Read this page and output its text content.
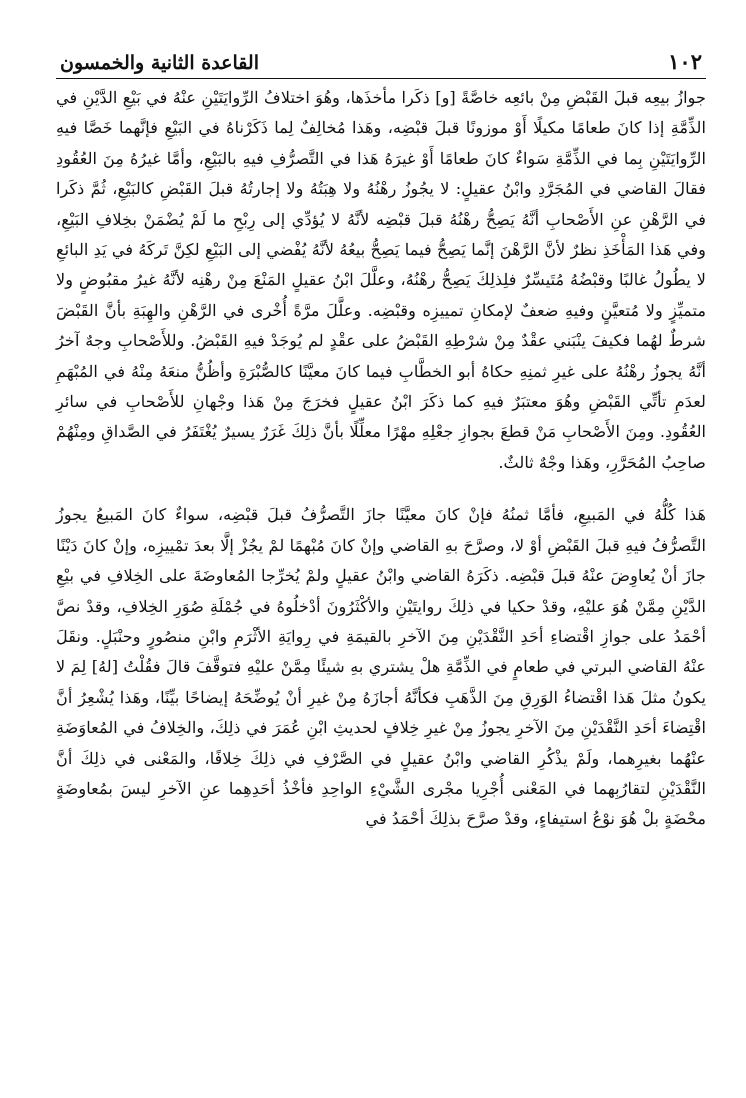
١٠٢
القاعدة الثانية والخمسون

جوازُ بيعِه قبلَ القَبْضِ مِنْ بائعِه خاصَّةً [و] ذكَرا مأخذَها، وهُوَ اختلافُ الرِّوايَتَيْنِ عنْهُ في بَيْعِ الدَّيْنِ في الذِّمَّةِ إذا كانَ طعامًا مكيلًا أَوْ موزونًا قبلَ قبْضِه، وهَذا مُخالِفٌ لِما ذَكَرْناهُ في البَيْعِ فإنَّهما خَصَّا فيهِ الرِّوايَتَيْنِ بِما في الذِّمَّةِ سَواءٌ كانَ طعامًا أَوْ غيرَهُ هَذا في التَّصرُّفِ فيهِ بالبَيْعِ، وأمَّا غيرُهُ مِنَ العُقُودِ فقالَ القاضي في المُجَرَّدِ وابْنُ عقيلٍ: لا يجُوزُ رهْنُهُ ولا هِبَتُهُ ولا إجارتُهُ قبلَ القَبْضِ كالبَيْعِ، ثُمَّ ذكَرا في الرَّهْنِ عنِ الأَصْحابِ أنَّهُ يَصِحُّ رهْنُهُ قبلَ قبْضِه لأنَّهُ لا يُؤدِّي إلى رِبْحِ ما لَمْ يُضْمَنْ بخِلافِ البَيْعِ، وفي هَذا المَأْخَذِ نظرٌ لأنَّ الرَّهْنَ إنَّما يَصِحُّ فيما يَصِحُّ بيعُهُ لأنَّهُ يُفْضي إلى البَيْعِ لكِنَّ تَركَهُ في يَدِ البائعِ لا يطُولُ غالبًا وقبْضُهُ مُتَيسِّرٌ فلِذلِكَ يَصِحُّ رهْنُهُ، وعلَّلَ ابْنُ عقيلٍ المَنْعَ مِنْ رهْنِه لأنَّهُ غيرُ مقبُوضٍ ولا متميِّزٍ ولا مُتعيَّنٍ وفيهِ ضعفٌ لإمكانِ تمييزِه وقبْضِه. وعلَّلَ مرَّةً أُخْرى في الرَّهْنِ والهِبَةِ بأنَّ القَبْضَ شرطٌ لهُما فكيفَ ينْبَني عقْدٌ مِنْ شرْطِهِ القَبْضُ على عقْدٍ لم يُوجَدْ فيهِ القَبْضُ. وللأَصْحابِ وجهٌ آخرُ أنَّهُ يجوزُ رهْنُهُ على غيرِ ثمنِهِ حكاهُ أبو الخطَّابِ فيما كانَ معيَّنًا كالصُّبْرَةِ وأظُنُّ منعَهُ مِنْهُ في المُبْهَمِ لعدَمِ تأتِّي القَبْضِ وهُوَ معتبَرٌ فيهِ كما ذكَرَ ابْنُ عقيلٍ فخرَجَ مِنْ هَذا وجْهانِ للأَصْحابِ في سائرِ العُقُودِ. ومِنَ الأَصْحابِ مَنْ قطعَ بجوازِ جعْلِهِ مهْرًا معلِّلًا بأنَّ ذلِكَ غَرَرٌ يسيرٌ يُغْتَفَرُ في الصَّداقِ ومِنْهُمْ صاحِبُ المُحَرَّرِ، وهَذا وجْهٌ ثالثٌ.

هَذا كُلُّهُ في المَبيعِ، فأمَّا ثمنُهُ فإنْ كانَ معيَّنًا جازَ التَّصرُّفُ قبلَ قبْضِه، سواءٌ كانَ المَبيعُ يجوزُ التَّصرُّفُ فيهِ قبلَ القَبْضِ أوْ لا، وصرَّحَ بهِ القاضي وإنْ كانَ مُبْهمًا لمْ يجُزْ إلَّا بعدَ تمْييزِه، وإنْ كانَ دَيْنًا جازَ أنْ يُعاوِضَ عنْهُ قبلَ قبْضِه. ذكَرَهُ القاضي وابْنُ عقيلٍ ولمْ يُخرِّجا المُعاوضَةَ على الخِلافِ في بيْعِ الدَّيْنِ مِمَّنْ هُوَ عليْهِ، وقدْ حكيا في ذلِكَ روايتَيْنِ والأكْثَرُونَ أدْخلُوهُ في جُمْلَةِ صُوَرِ الخِلافِ، وقدْ نصَّ أحْمَدُ على جوازِ اقْتضاءِ أحَدِ النَّقْدَيْنِ مِنَ الآخرِ بالقيمَةِ في رِوايَةِ الأثْرَمِ وابْنِ منصُورٍ وحنْبَلٍ. ونقَلَ عنْهُ القاضي البرتي في طعامٍ في الذِّمَّةِ هلْ يشتري بهِ شيئًا مِمَّنْ عليْهِ فتوقَّفَ قالَ فقُلْتُ [لهُ] لِمَ لا يكونُ مثلَ هَذا اقْتضاءُ الوَرِقِ مِنَ الذَّهَبِ فكأنَّهُ أجازَهُ مِنْ غيرِ أنْ يُوضِّحَهُ إيضاحًا بيِّنًا، وهَذا يُشْعِرُ أنَّ اقْتِضاءَ أحَدِ النَّقْدَيْنِ مِنَ الآخرِ يجوزُ مِنْ غيرِ خِلافٍ لحديثِ ابْنِ عُمَرَ في ذلِكَ، والخِلافُ في المُعاوَضَةِ عنْهُما بغيرِهما، ولَمْ يذْكُرِ القاضي وابْنُ عقيلٍ في الصَّرْفِ في ذلِكَ خِلافًا، والمَعْنى في ذلِكَ أنَّ النَّقْدَيْنِ لتقارُبِهما في المَعْنى أُجْرِيا مجْرى الشَّيْءِ الواحِدِ فأخْذُ أحَدِهِما عنِ الآخرِ ليسَ بمُعاوضَةٍ محْضَةٍ بلْ هُوَ نوْعُ استيفاءٍ، وقدْ صرَّحَ بذلِكَ أحْمَدُ في
